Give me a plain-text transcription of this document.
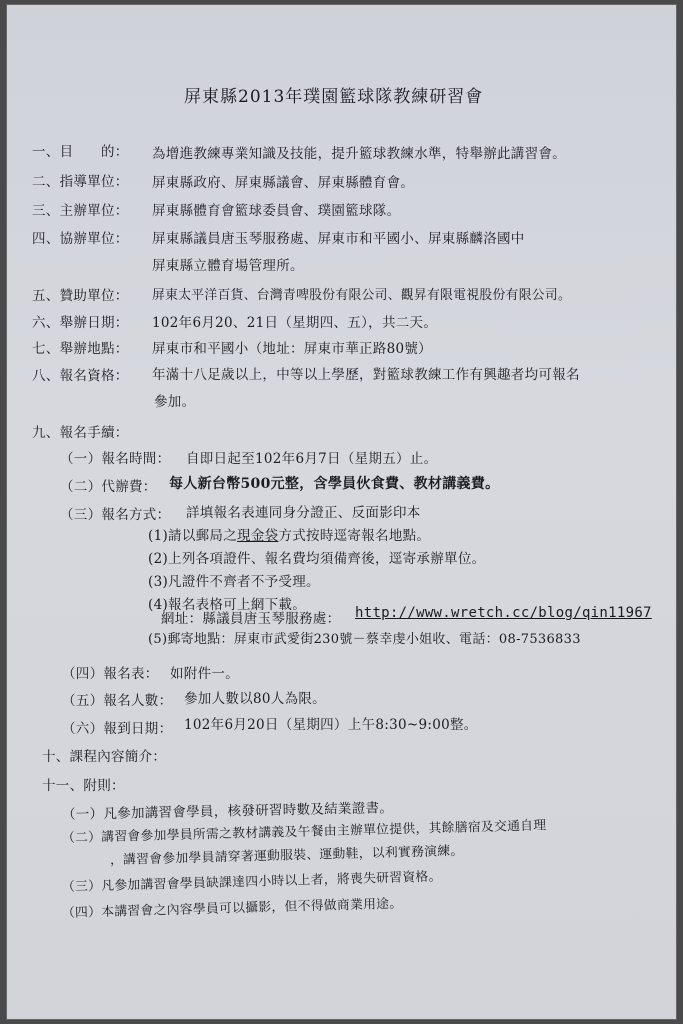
屏東縣2013年璞園籃球隊教練研習會
一、目　　的： 為增進教練專業知識及技能，提升籃球教練水準，特舉辦此講習會。
二、指導單位： 屏東縣政府、屏東縣議會、屏東縣體育會。
三、主辦單位： 屏東縣體育會籃球委員會、璞園籃球隊。
四、協辦單位： 屏東縣議員唐玉琴服務處、屏東市和平國小、屏東縣麟洛國中
屏東縣立體育場管理所。
五、贊助單位： 屏東太平洋百貨、台灣青啤股份有限公司、觀昇有限電視股份有限公司。
六、舉辦日期： 102年6月20、21日（星期四、五），共二天。
七、舉辦地點： 屏東市和平國小（地址：屏東市華正路80號）
八、報名資格： 年滿十八足歲以上，中等以上學歷，對籃球教練工作有興趣者均可報名
參加。
九、報名手續：
（一）報名時間： 自即日起至102年6月7日（星期五）止。
（二）代辦費： 每人新台幣500元整，含學員伙食費、教材講義費。
（三）報名方式： 詳填報名表連同身分證正、反面影印本
(1)請以郵局之現金袋方式按時逕寄報名地點。
(2)上列各項證件、報名費均須備齊後，逕寄承辦單位。
(3)凡證件不齊者不予受理。
(4)報名表格可上網下載。
網址：縣議員唐玉琴服務處： http://www.wretch.cc/blog/qin11967
(5)郵寄地點：屏東市武愛街230號－蔡幸虔小姐收、電話：08-7536833
（四）報名表： 如附件一。
（五）報名人數： 參加人數以80人為限。
（六）報到日期： 102年6月20日（星期四）上午8:30~9:00整。
十、課程內容簡介：
十一、附則：
（一）凡參加講習會學員，核發研習時數及結業證書。
（二）講習會參加學員所需之教材講義及午餐由主辦單位提供，其餘膳宿及交通自理
，講習會參加學員請穿著運動服裝、運動鞋，以利實務演練。
（三）凡參加講習會學員缺課達四小時以上者，將喪失研習資格。
（四）本講習會之內容學員可以攝影，但不得做商業用途。
